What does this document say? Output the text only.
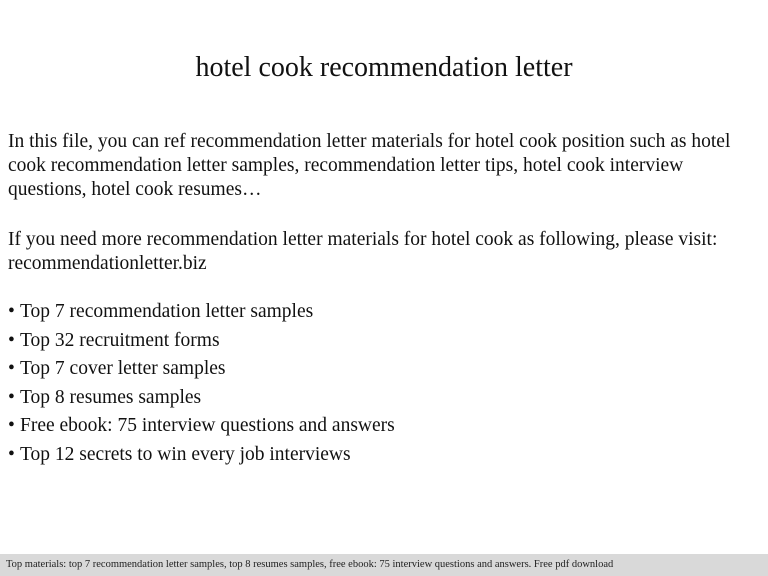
hotel cook recommendation letter

In this file, you can ref recommendation letter materials for hotel cook position such as hotel cook recommendation letter samples, recommendation letter tips, hotel cook interview questions, hotel cook resumes…

If you need more recommendation letter materials for hotel cook as following, please visit: recommendationletter.biz

• Top 7 recommendation letter samples
• Top 32 recruitment forms
• Top 7 cover letter samples
• Top 8 resumes samples
• Free ebook: 75 interview questions and answers
• Top 12 secrets to win every job interviews
Top materials: top 7 recommendation letter samples, top 8 resumes samples, free ebook: 75 interview questions and answers. Free pdf download
